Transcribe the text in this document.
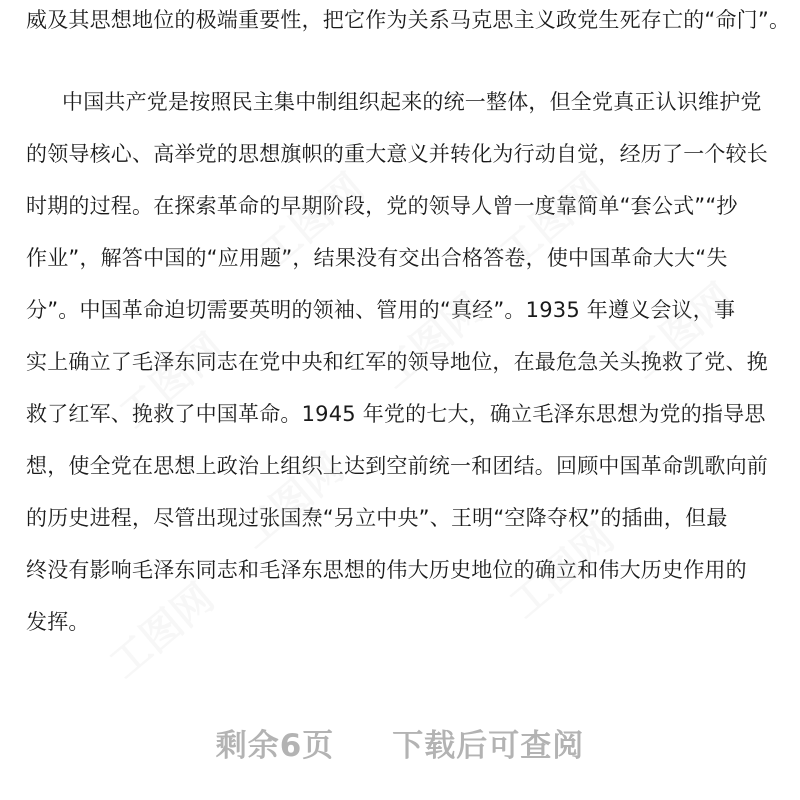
威及其思想地位的极端重要性，把它作为关系马克思主义政党生死存亡的“命门”。

中国共产党是按照民主集中制组织起来的统一整体，但全党真正认识维护党
的领导核心、高举党的思想旗帜的重大意义并转化为行动自觉，经历了一个较长
时期的过程。在探索革命的早期阶段，党的领导人曾一度靠简单“套公式”“抄
作业”，解答中国的“应用题”，结果没有交出合格答卷，使中国革命大大“失
分”。中国革命迫切需要英明的领袖、管用的“真经”。1935 年遵义会议，事
实上确立了毛泽东同志在党中央和红军的领导地位，在最危急关头挽救了党、挽
救了红军、挽救了中国革命。1945 年党的七大，确立毛泽东思想为党的指导思
想，使全党在思想上政治上组织上达到空前统一和团结。回顾中国革命凯歌向前
的历史进程，尽管出现过张国焘“另立中央”、王明“空降夺权”的插曲，但最
终没有影响毛泽东同志和毛泽东思想的伟大历史地位的确立和伟大历史作用的
发挥。
工图网	工图网
工图网	工图网	工图网
工图网
工图网
工图网
剩余6页 下载后可查阅
